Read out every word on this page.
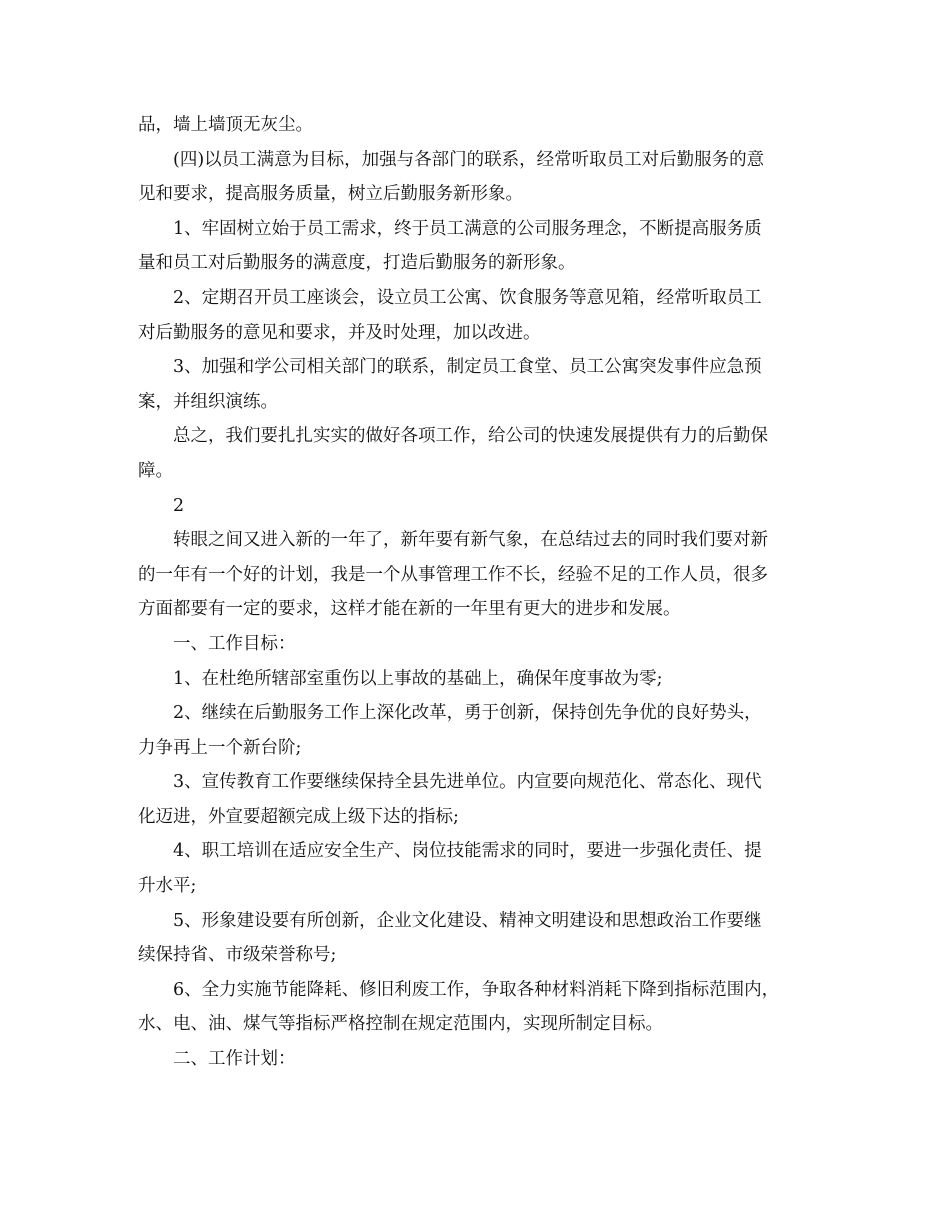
品，墙上墙顶无灰尘。
(四)以员工满意为目标，加强与各部门的联系，经常听取员工对后勤服务的意
见和要求，提高服务质量，树立后勤服务新形象。
1、牢固树立始于员工需求，终于员工满意的公司服务理念，不断提高服务质
量和员工对后勤服务的满意度，打造后勤服务的新形象。
2、定期召开员工座谈会，设立员工公寓、饮食服务等意见箱，经常听取员工
对后勤服务的意见和要求，并及时处理，加以改进。
3、加强和学公司相关部门的联系，制定员工食堂、员工公寓突发事件应急预
案，并组织演练。
总之，我们要扎扎实实的做好各项工作，给公司的快速发展提供有力的后勤保
障。
2
转眼之间又进入新的一年了，新年要有新气象，在总结过去的同时我们要对新
的一年有一个好的计划，我是一个从事管理工作不长，经验不足的工作人员，很多
方面都要有一定的要求，这样才能在新的一年里有更大的进步和发展。
一、工作目标：
1、在杜绝所辖部室重伤以上事故的基础上，确保年度事故为零;
2、继续在后勤服务工作上深化改革，勇于创新，保持创先争优的良好势头，
力争再上一个新台阶;
3、宣传教育工作要继续保持全县先进单位。内宣要向规范化、常态化、现代
化迈进，外宣要超额完成上级下达的指标;
4、职工培训在适应安全生产、岗位技能需求的同时，要进一步强化责任、提
升水平;
5、形象建设要有所创新，企业文化建设、精神文明建设和思想政治工作要继
续保持省、市级荣誉称号;
6、全力实施节能降耗、修旧利废工作，争取各种材料消耗下降到指标范围内，
水、电、油、煤气等指标严格控制在规定范围内，实现所制定目标。
二、工作计划：
